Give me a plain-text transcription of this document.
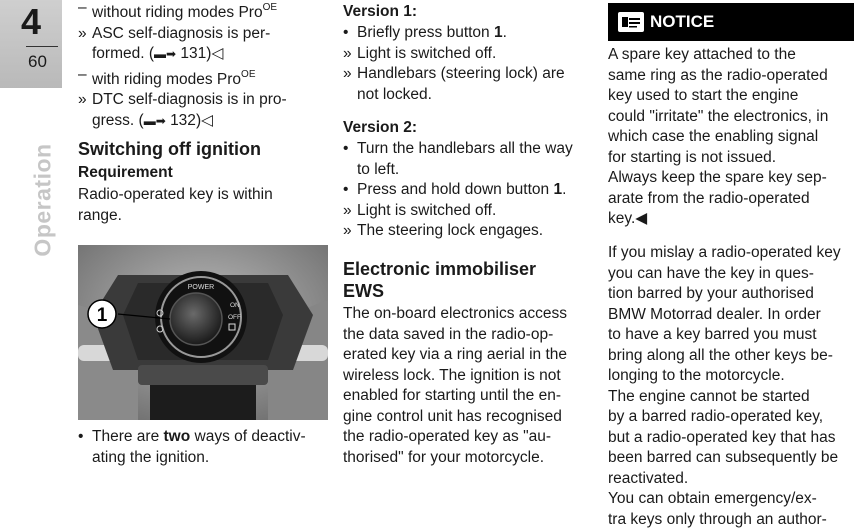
4
60
Operation
– without riding modes Pro$^{OE}$
» ASC self-diagnosis is per-
formed. (▬➡ 131)◁
– with riding modes Pro$^{OE}$
» DTC self-diagnosis is in pro-
gress. (▬➡ 132)◁
Switching off ignition
Requirement
Radio-operated key is within
range.
• There are two ways of deactiv-
ating the ignition.
POWER
ON
OFF
1
Version 1:
• Briefly press button 1.
» Light is switched off.
» Handlebars (steering lock) are
not locked.
Version 2:
• Turn the handlebars all the way
to left.
• Press and hold down button 1.
» Light is switched off.
» The steering lock engages.
Electronic immobiliser
EWS
The on-board electronics access
the data saved in the radio-op-
erated key via a ring aerial in the
wireless lock. The ignition is not
enabled for starting until the en-
gine control unit has recognised
the radio-operated key as "au-
thorised" for your motorcycle.
NOTICE
A spare key attached to the
same ring as the radio-operated
key used to start the engine
could "irritate" the electronics, in
which case the enabling signal
for starting is not issued.
Always keep the spare key sep-
arate from the radio-operated
key.◀
If you mislay a radio-operated key
you can have the key in ques-
tion barred by your authorised
BMW Motorrad dealer. In order
to have a key barred you must
bring along all the other keys be-
longing to the motorcycle.
The engine cannot be started
by a barred radio-operated key,
but a radio-operated key that has
been barred can subsequently be
reactivated.
You can obtain emergency/ex-
tra keys only through an author-
